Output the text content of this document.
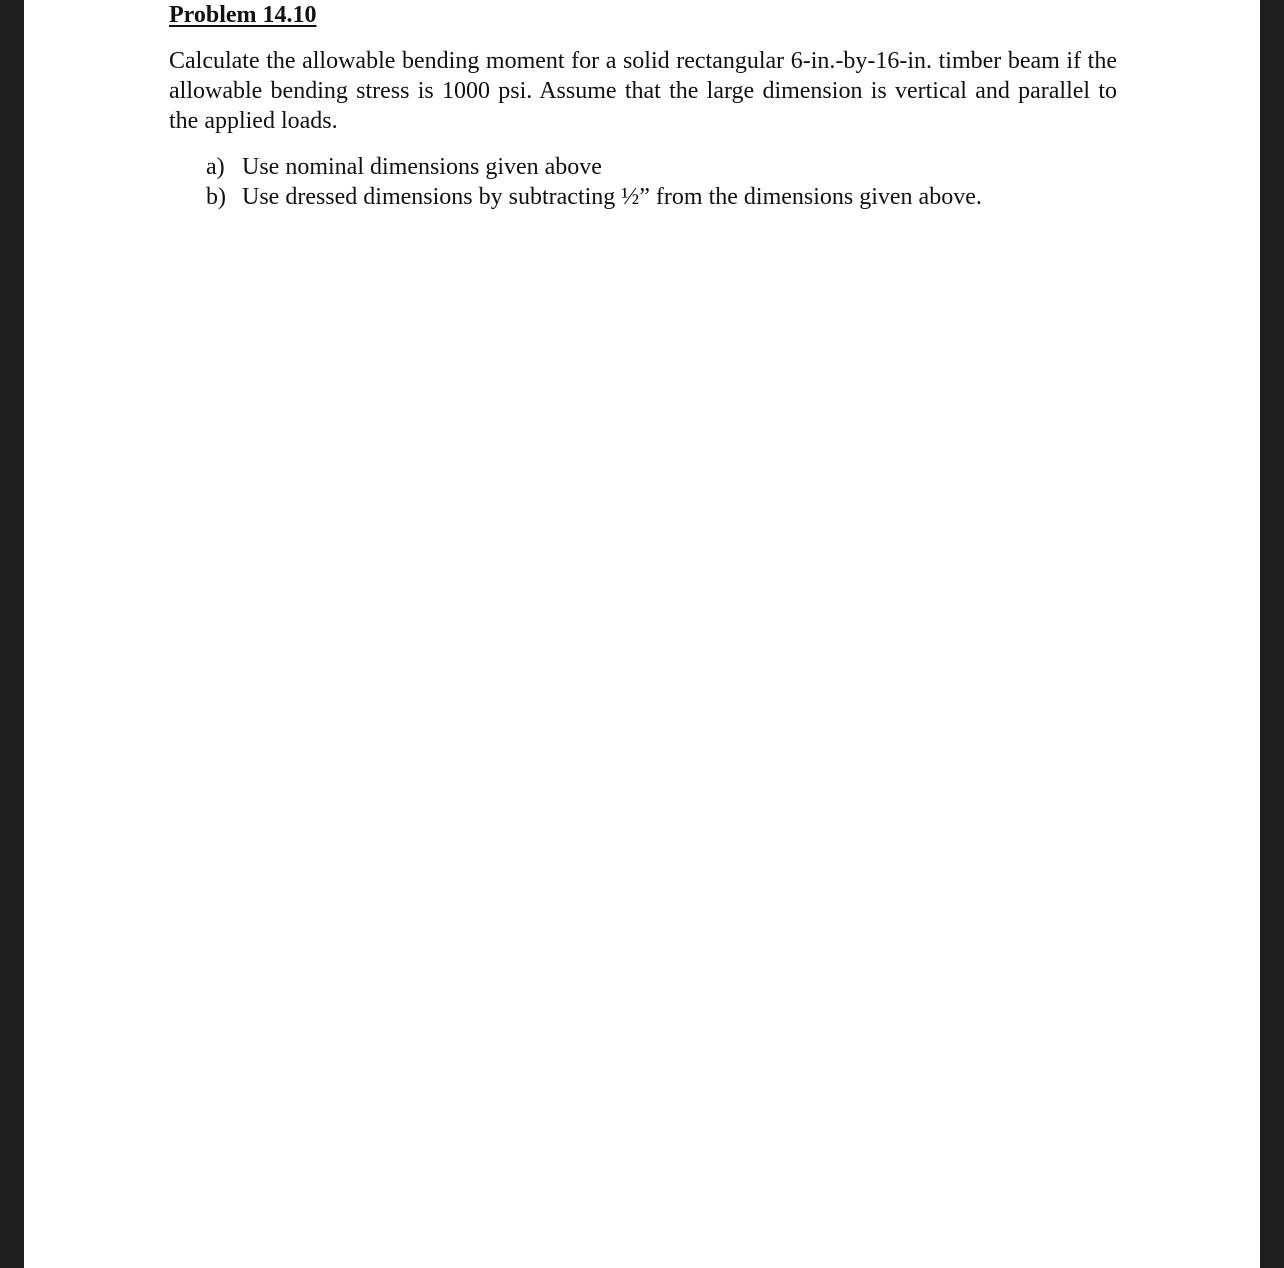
Problem 14.10
Calculate the allowable bending moment for a solid rectangular 6-in.-by-16-in. timber beam if the allowable bending stress is 1000 psi. Assume that the large dimension is vertical and parallel to the applied loads.
a) Use nominal dimensions given above
b) Use dressed dimensions by subtracting ½” from the dimensions given above.
